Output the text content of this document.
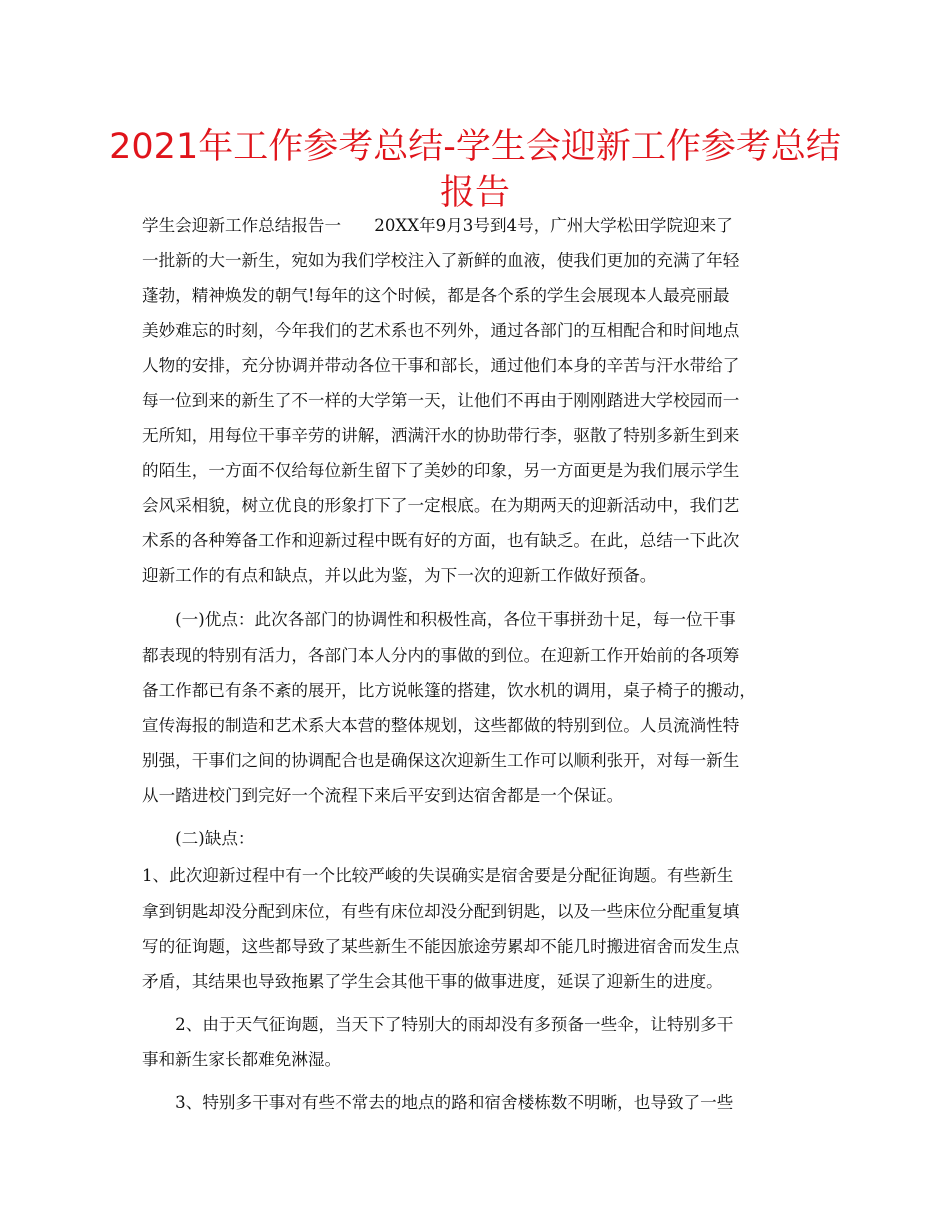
2021年工作参考总结-学生会迎新工作参考总结
报告
学生会迎新工作总结报告一　　20XX年9月3号到4号，广州大学松田学院迎来了
一批新的大一新生，宛如为我们学校注入了新鲜的血液，使我们更加的充满了年轻
蓬勃，精神焕发的朝气!每年的这个时候，都是各个系的学生会展现本人最亮丽最
美妙难忘的时刻，今年我们的艺术系也不列外，通过各部门的互相配合和时间地点
人物的安排，充分协调并带动各位干事和部长，通过他们本身的辛苦与汗水带给了
每一位到来的新生了不一样的大学第一天，让他们不再由于刚刚踏进大学校园而一
无所知，用每位干事辛劳的讲解，洒满汗水的协助带行李，驱散了特别多新生到来
的陌生，一方面不仅给每位新生留下了美妙的印象，另一方面更是为我们展示学生
会风采相貌，树立优良的形象打下了一定根底。在为期两天的迎新活动中，我们艺
术系的各种筹备工作和迎新过程中既有好的方面，也有缺乏。在此，总结一下此次
迎新工作的有点和缺点，并以此为鉴，为下一次的迎新工作做好预备。
　　(一)优点：此次各部门的协调性和积极性高，各位干事拼劲十足，每一位干事
都表现的特别有活力，各部门本人分内的事做的到位。在迎新工作开始前的各项筹
备工作都已有条不紊的展开，比方说帐篷的搭建，饮水机的调用，桌子椅子的搬动，
宣传海报的制造和艺术系大本营的整体规划，这些都做的特别到位。人员流淌性特
别强，干事们之间的协调配合也是确保这次迎新生工作可以顺利张开，对每一新生
从一踏进校门到完好一个流程下来后平安到达宿舍都是一个保证。
　　(二)缺点：
1、此次迎新过程中有一个比较严峻的失误确实是宿舍要是分配征询题。有些新生
拿到钥匙却没分配到床位，有些有床位却没分配到钥匙，以及一些床位分配重复填
写的征询题，这些都导致了某些新生不能因旅途劳累却不能几时搬进宿舍而发生点
矛盾，其结果也导致拖累了学生会其他干事的做事进度，延误了迎新生的进度。
　　2、由于天气征询题，当天下了特别大的雨却没有多预备一些伞，让特别多干
事和新生家长都难免淋湿。
　　3、特别多干事对有些不常去的地点的路和宿舍楼栋数不明晰，也导致了一些
